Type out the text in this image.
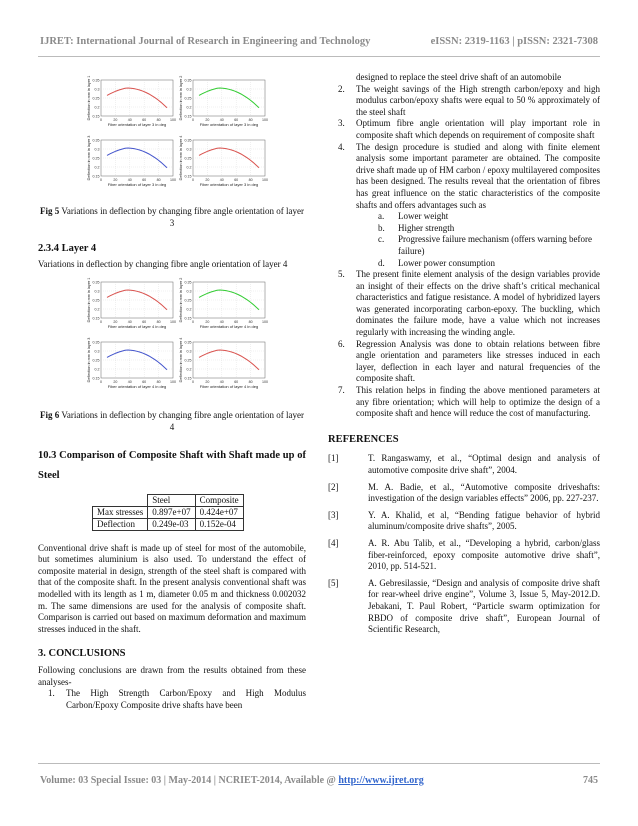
IJRET: International Journal of Research in Engineering and Technology	eISSN: 2319-1163 | pISSN: 2321-7308
0	20	40	60	80	100
0.35
0.3
0.25
0.2
0.15
Fiber orientation of layer 3 in deg
Deflection in mm in layer 1	0	20	40	60	80	100
0.35
0.3
0.25
0.2
0.15
Fiber orientation of layer 3 in deg
Deflection in mm in layer 2
0	20	40	60	80	100
0.35
0.3
0.25
0.2
0.15
Fiber orientation of layer 3 in deg
Deflection in mm in layer 3	0	20	40	60	80	100
0.35
0.3
0.25
0.2
0.15
Fiber orientation of layer 3 in deg
Deflection in mm in layer 4
Fig 5 Variations in deflection by changing fibre angle orientation of layer 3
2.3.4 Layer 4

Variations in deflection by changing fibre angle orientation of layer 4

0	20	40	60	80	100
0.35
0.3
0.25
0.2
0.15
Fiber orientation of layer 4 in deg
Deflection in mm in layer 1	0	20	40	60	80	100
0.35
0.3
0.25
0.2
0.15
Fiber orientation of layer 4 in deg
Deflection in mm in layer 2
0	20	40	60	80	100
0.35
0.3
0.25
0.2
0.15
Fiber orientation of layer 4 in deg
Deflection in mm in layer 3	0	20	40	60	80	100
0.35
0.3
0.25
0.2
0.15
Fiber orientation of layer 4 in deg
Deflection in mm in layer 4
Fig 6 Variations in deflection by changing fibre angle orientation of layer 4
10.3 Comparison of Composite Shaft with Shaft made up of Steel
	Steel	Composite
Max stresses	0.897e+07	0.424e+07
Deflection	0.249e-03	0.152e-04

Conventional drive shaft is made up of steel for most of the automobile, but sometimes aluminium is also used. To understand the effect of composite material in design, strength of the steel shaft is compared with that of the composite shaft. In the present analysis conventional shaft was modelled with its length as 1 m, diameter 0.05 m and thickness 0.002032 m. The same dimensions are used for the analysis of composite shaft. Comparison is carried out based on maximum deformation and maximum stresses induced in the shaft.

3. CONCLUSIONS

Following conclusions are drawn from the results obtained from these analyses-

1. The High Strength Carbon/Epoxy and High Modulus Carbon/Epoxy Composite drive shafts have been
designed to replace the steel drive shaft of an automobile
2. The weight savings of the High strength carbon/epoxy and high modulus carbon/epoxy shafts were equal to 50 % approximately of the steel shaft
3. Optimum fibre angle orientation will play important role in composite shaft which depends on requirement of composite shaft
4. The design procedure is studied and along with finite element analysis some important parameter are obtained. The composite drive shaft made up of HM carbon / epoxy multilayered composites has been designed. The results reveal that the orientation of fibres has great influence on the static characteristics of the composite shafts and offers advantages such as
a. Lower weight
b. Higher strength
c. Progressive failure mechanism (offers warning before failure)
d. Lower power consumption
5. The present finite element analysis of the design variables provide an insight of their effects on the drive shaft’s critical mechanical characteristics and fatigue resistance. A model of hybridized layers was generated incorporating carbon-epoxy. The buckling, which dominates the failure mode, have a value which not increases regularly with increasing the winding angle.
6. Regression Analysis was done to obtain relations between fibre angle orientation and parameters like stresses induced in each layer, deflection in each layer and natural frequencies of the composite shaft.
7. This relation helps in finding the above mentioned parameters at any fibre orientation; which will help to optimize the design of a composite shaft and hence will reduce the cost of manufacturing.
REFERENCES
[1]	T. Rangaswamy, et al., “Optimal design and analysis of automotive composite drive shaft”, 2004.
[2]	M. A. Badie, et al., “Automotive composite driveshafts: investigation of the design variables effects” 2006, pp. 227-237.
[3]	Y. A. Khalid, et al, “Bending fatigue behavior of hybrid aluminum/composite drive shafts”, 2005.
[4]	A. R. Abu Talib, et al., “Developing a hybrid, carbon/glass fiber-reinforced, epoxy composite automotive drive shaft”, 2010, pp. 514-521.
[5]	A. Gebresilassie, “Design and analysis of composite drive shaft for rear-wheel drive engine”, Volume 3, Issue 5, May-2012.D. Jebakani, T. Paul Robert, “Particle swarm optimization for RBDO of composite drive shaft”, European Journal of Scientific Research,
Volume: 03 Special Issue: 03 | May-2014 | NCRIET-2014, Available @ http://www.ijret.org	745
